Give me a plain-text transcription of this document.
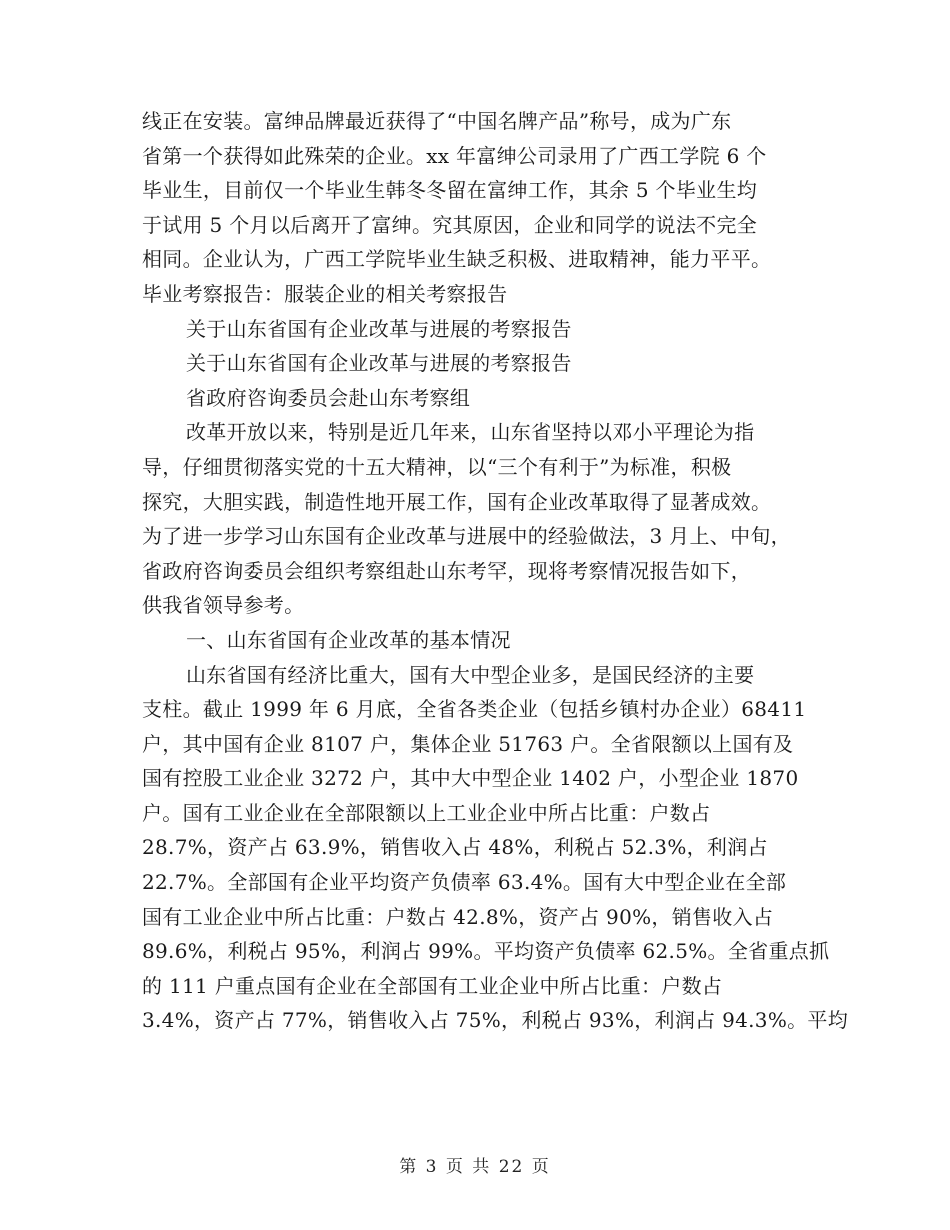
线正在安装。富绅品牌最近获得了“中国名牌产品”称号，成为广东
省第一个获得如此殊荣的企业。xx 年富绅公司录用了广西工学院 6 个
毕业生，目前仅一个毕业生韩冬冬留在富绅工作，其余 5 个毕业生均
于试用 5 个月以后离开了富绅。究其原因，企业和同学的说法不完全
相同。企业认为，广西工学院毕业生缺乏积极、进取精神，能力平平。
毕业考察报告：服装企业的相关考察报告
关于山东省国有企业改革与进展的考察报告
关于山东省国有企业改革与进展的考察报告
省政府咨询委员会赴山东考察组
改革开放以来，特别是近几年来，山东省坚持以邓小平理论为指
导，仔细贯彻落实党的十五大精神，以“三个有利于”为标准，积极
探究，大胆实践，制造性地开展工作，国有企业改革取得了显著成效。
为了进一步学习山东国有企业改革与进展中的经验做法，3 月上、中旬，
省政府咨询委员会组织考察组赴山东考罕，现将考察情况报告如下，
供我省领导参考。
一、山东省国有企业改革的基本情况
山东省国有经济比重大，国有大中型企业多，是国民经济的主要
支柱。截止 1999 年 6 月底，全省各类企业（包括乡镇村办企业）68411
户，其中国有企业 8107 户，集体企业 51763 户。全省限额以上国有及
国有控股工业企业 3272 户，其中大中型企业 1402 户，小型企业 1870
户。国有工业企业在全部限额以上工业企业中所占比重：户数占
28.7%，资产占 63.9%，销售收入占 48%，利税占 52.3%，利润占
22.7%。全部国有企业平均资产负债率 63.4%。国有大中型企业在全部
国有工业企业中所占比重：户数占 42.8%，资产占 90%，销售收入占
89.6%，利税占 95%，利润占 99%。平均资产负债率 62.5%。全省重点抓
的 111 户重点国有企业在全部国有工业企业中所占比重：户数占
3.4%，资产占 77%，销售收入占 75%，利税占 93%，利润占 94.3%。平均
第 3 页 共 22 页
